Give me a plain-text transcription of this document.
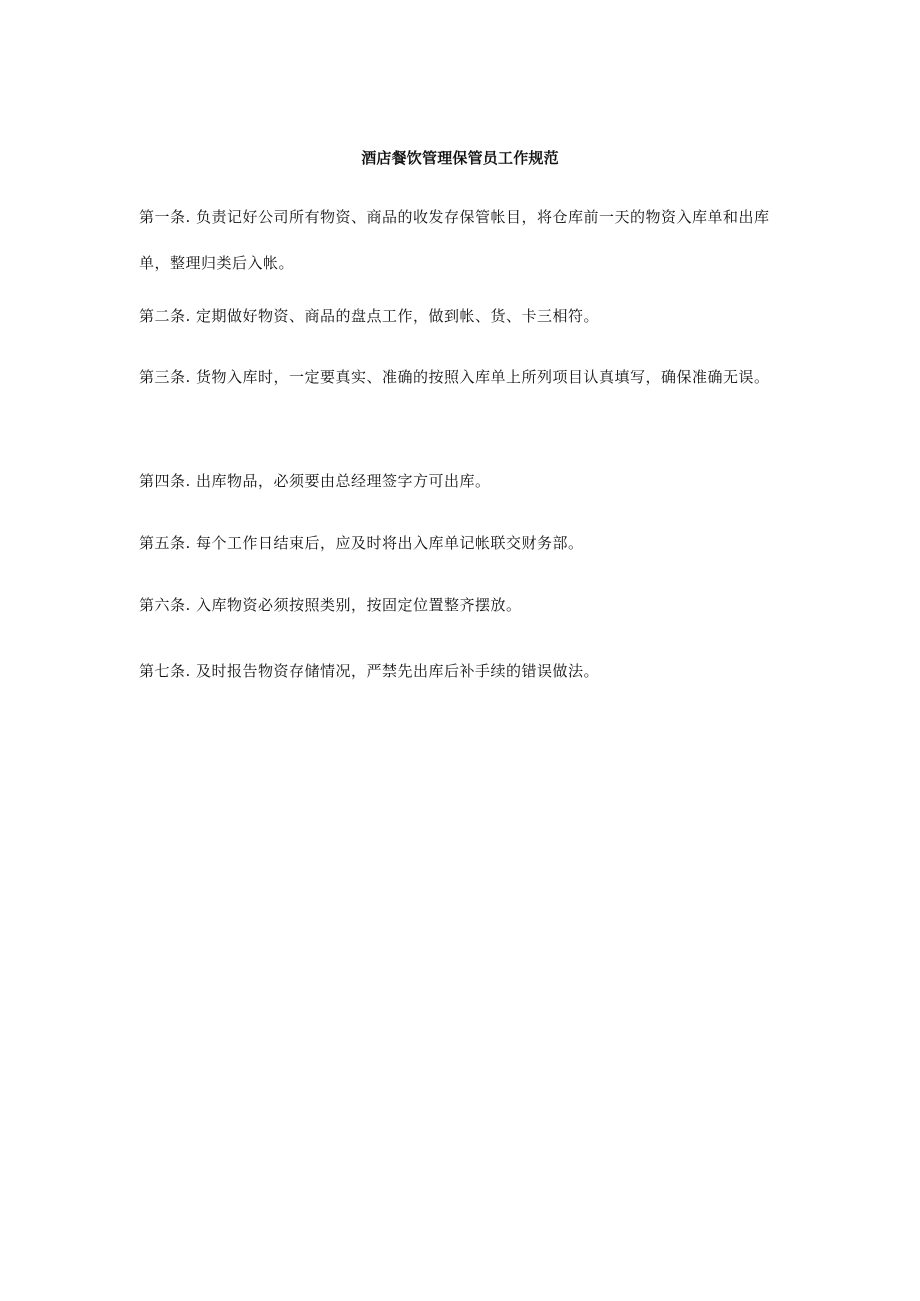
酒店餐饮管理保管员工作规范

第一条. 负责记好公司所有物资、商品的收发存保管帐目，将仓库前一天的物资入库单和出库单，整理归类后入帐。

第二条. 定期做好物资、商品的盘点工作，做到帐、货、卡三相符。

第三条. 货物入库时，一定要真实、准确的按照入库单上所列项目认真填写，确保准确无误。

第四条. 出库物品，必须要由总经理签字方可出库。

第五条. 每个工作日结束后，应及时将出入库单记帐联交财务部。

第六条. 入库物资必须按照类别，按固定位置整齐摆放。

第七条. 及时报告物资存储情况，严禁先出库后补手续的错误做法。
